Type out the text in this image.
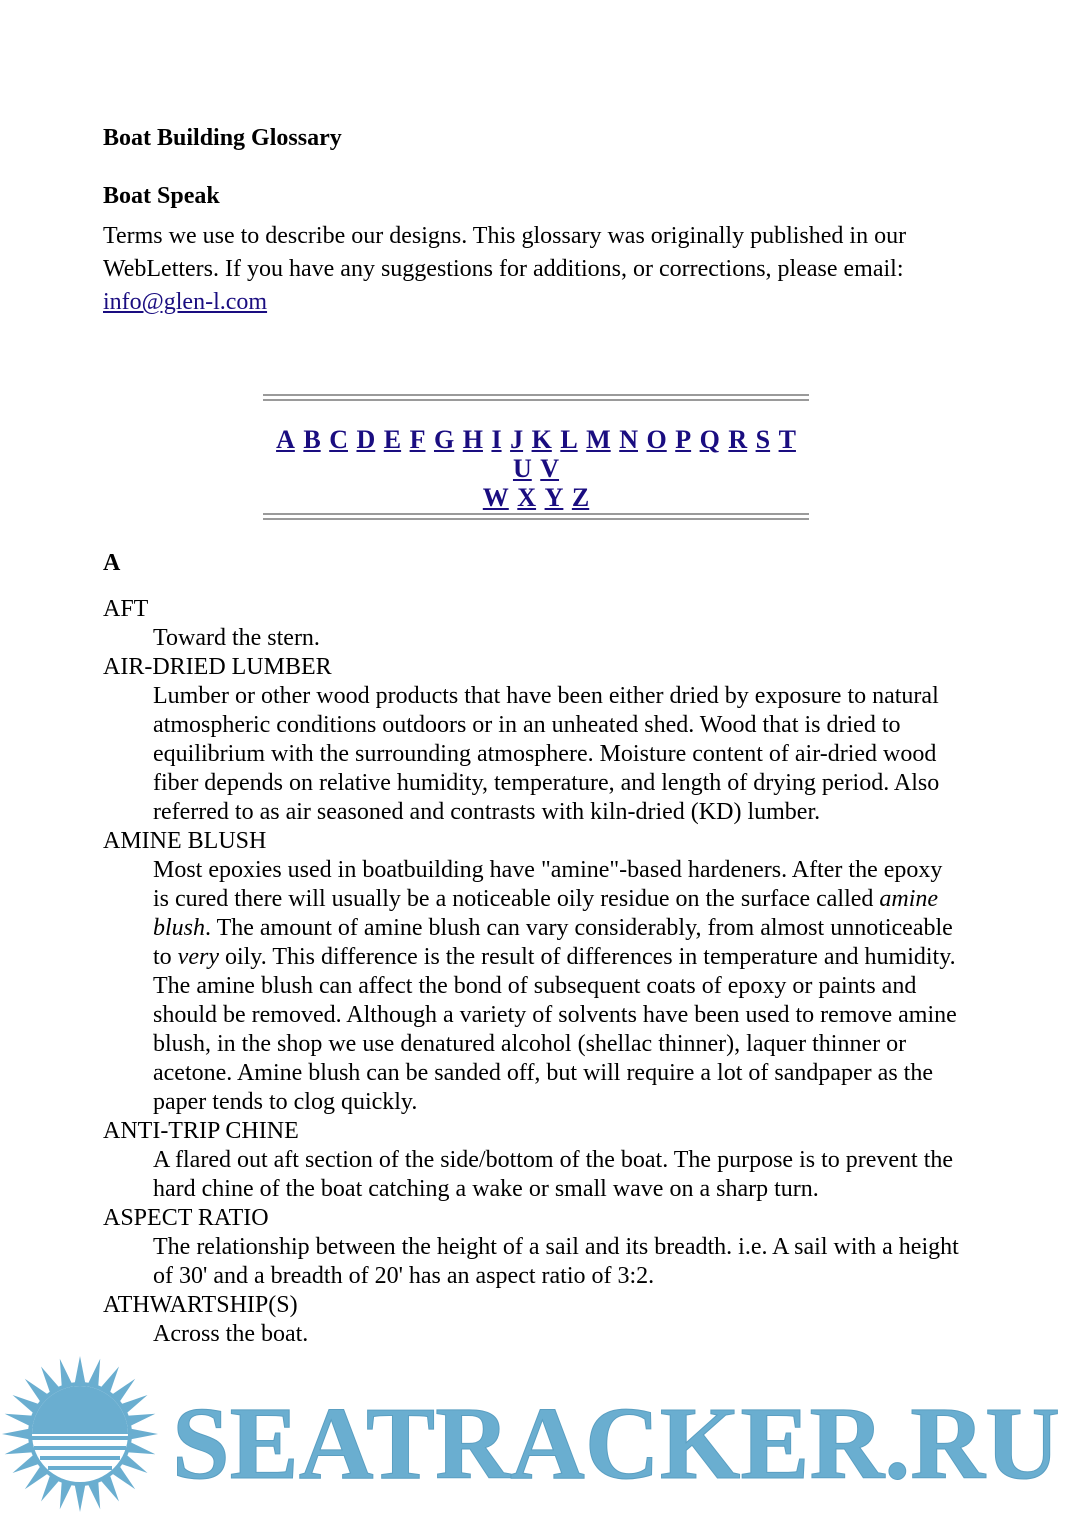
Boat Building Glossary
Boat Speak

Terms we use to describe our designs. This glossary was originally published in our WebLetters. If you have any suggestions for additions, or corrections, please email: info@glen-l.com

A B C D E F G H I J K L M N O P Q R S T U V
W X Y Z
A
AFT
Toward the stern.
AIR-DRIED LUMBER
Lumber or other wood products that have been either dried by exposure to natural atmospheric conditions outdoors or in an unheated shed. Wood that is dried to equilibrium with the surrounding atmosphere. Moisture content of air-dried wood fiber depends on relative humidity, temperature, and length of drying period. Also referred to as air seasoned and contrasts with kiln-dried (KD) lumber.
AMINE BLUSH
Most epoxies used in boatbuilding have "amine"-based hardeners. After the epoxy is cured there will usually be a noticeable oily residue on the surface called amine blush. The amount of amine blush can vary considerably, from almost unnoticeable to very oily. This difference is the result of differences in temperature and humidity. The amine blush can affect the bond of subsequent coats of epoxy or paints and should be removed. Although a variety of solvents have been used to remove amine blush, in the shop we use denatured alcohol (shellac thinner), laquer thinner or acetone. Amine blush can be sanded off, but will require a lot of sandpaper as the paper tends to clog quickly.
ANTI-TRIP CHINE
A flared out aft section of the side/bottom of the boat. The purpose is to prevent the hard chine of the boat catching a wake or small wave on a sharp turn.
ASPECT RATIO
The relationship between the height of a sail and its breadth. i.e. A sail with a height of 30' and a breadth of 20' has an aspect ratio of 3:2.
ATHWARTSHIP(S)
Across the boat.
SEATRACKER.RU
